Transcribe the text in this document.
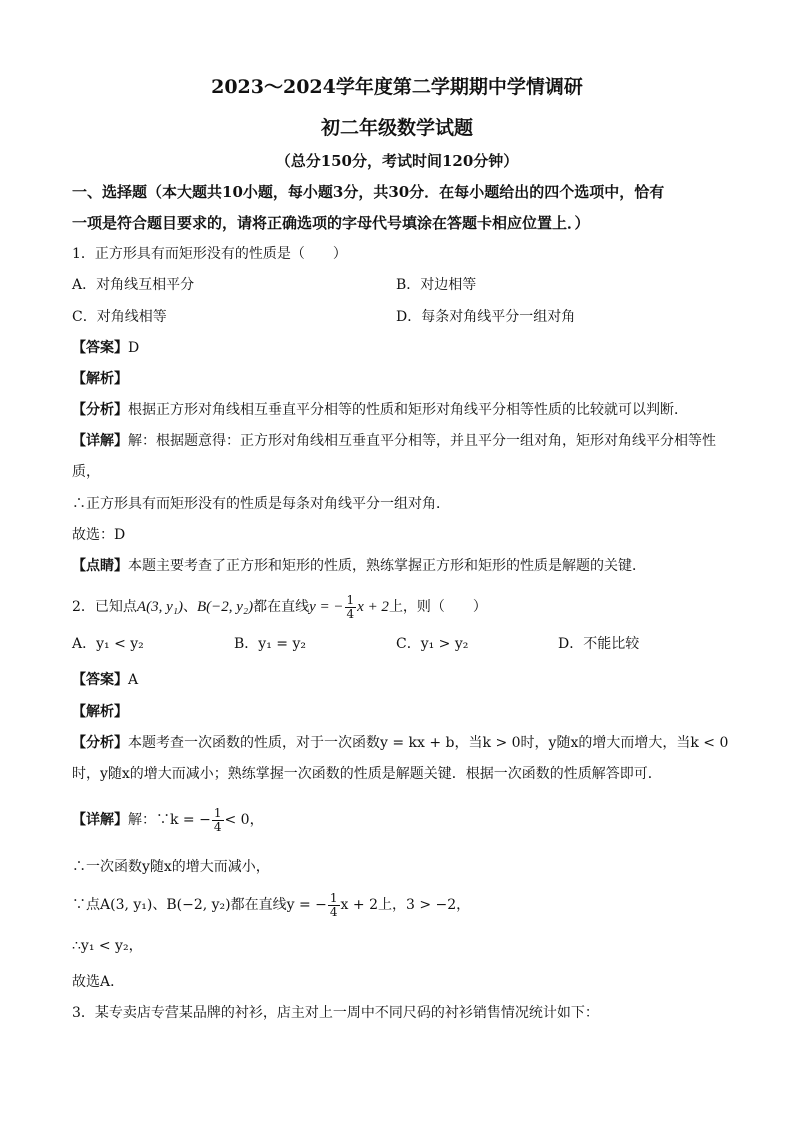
2023～2024学年度第二学期期中学情调研
初二年级数学试题
（总分150分，考试时间120分钟）
一、选择题（本大题共10小题，每小题3分，共30分．在每小题给出的四个选项中，恰有
一项是符合题目要求的，请将正确选项的字母代号填涂在答题卡相应位置上．）
1．正方形具有而矩形没有的性质是（　　）
A．对角线互相平分	B．对边相等
C．对角线相等	D．每条对角线平分一组对角
【答案】D
【解析】
【分析】根据正方形对角线相互垂直平分相等的性质和矩形对角线平分相等性质的比较就可以判断．
【详解】解：根据题意得：正方形对角线相互垂直平分相等，并且平分一组对角，矩形对角线平分相等性
质，
∴正方形具有而矩形没有的性质是每条对角线平分一组对角．
故选：D
【点睛】本题主要考查了正方形和矩形的性质，熟练掌握正方形和矩形的性质是解题的关键．
2．已知点A(3, y₁)、B(−2, y₂)都在直线y = − $\frac{1}{4}$ x + 2上，则（　　）
A．y₁ < y₂	B．y₁ = y₂	C．y₁ > y₂	D．不能比较
【答案】A
【解析】
【分析】本题考查一次函数的性质，对于一次函数y = kx + b，当k > 0时，y随x的增大而增大，当k < 0
时，y随x的增大而减小；熟练掌握一次函数的性质是解题关键．根据一次函数的性质解答即可．
【详解】解：∵k = − $\frac{1}{4} < 0$，
∴一次函数y随x的增大而减小，
∵点A(3, y₁)、B(−2, y₂)都在直线y = − $\frac{1}{4}$ x + 2上，3 > −2，
∴y₁ < y₂，
故选A．
3．某专卖店专营某品牌的衬衫，店主对上一周中不同尺码的衬衫销售情况统计如下：
